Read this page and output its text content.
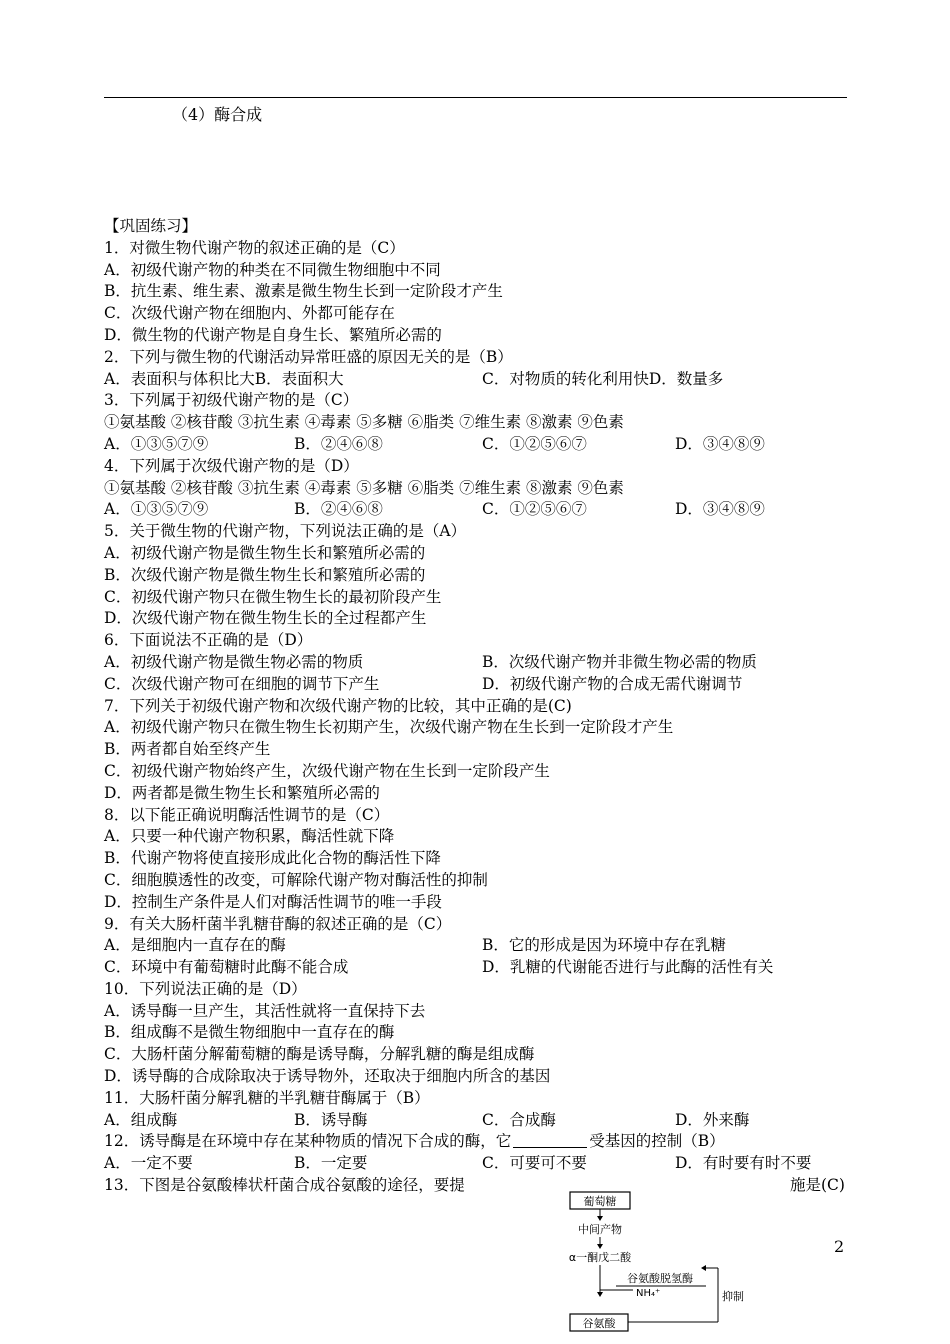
（4）酶合成
【巩固练习】
1．对微生物代谢产物的叙述正确的是（C）
A．初级代谢产物的种类在不同微生物细胞中不同
B．抗生素、维生素、激素是微生物生长到一定阶段才产生
C．次级代谢产物在细胞内、外都可能存在
D．微生物的代谢产物是自身生长、繁殖所必需的
2．下列与微生物的代谢活动异常旺盛的原因无关的是（B）
A．表面积与体积比大B．表面积大	C．对物质的转化利用快D．数量多
3．下列属于初级代谢产物的是（C）
①氨基酸 ②核苷酸 ③抗生素 ④毒素 ⑤多糖 ⑥脂类 ⑦维生素 ⑧激素 ⑨色素
A．①③⑤⑦⑨	B．②④⑥⑧	C．①②⑤⑥⑦	D．③④⑧⑨
4．下列属于次级代谢产物的是（D）
①氨基酸 ②核苷酸 ③抗生素 ④毒素 ⑤多糖 ⑥脂类 ⑦维生素 ⑧激素 ⑨色素
A．①③⑤⑦⑨	B．②④⑥⑧	C．①②⑤⑥⑦	D．③④⑧⑨
5．关于微生物的代谢产物，下列说法正确的是（A）
A．初级代谢产物是微生物生长和繁殖所必需的
B．次级代谢产物是微生物生长和繁殖所必需的
C．初级代谢产物只在微生物生长的最初阶段产生
D．次级代谢产物在微生物生长的全过程都产生
6．下面说法不正确的是（D）
A．初级代谢产物是微生物必需的物质	B．次级代谢产物并非微生物必需的物质
C．次级代谢产物可在细胞的调节下产生	D．初级代谢产物的合成无需代谢调节
7．下列关于初级代谢产物和次级代谢产物的比较，其中正确的是(C)
A．初级代谢产物只在微生物生长初期产生，次级代谢产物在生长到一定阶段才产生
B．两者都自始至终产生
C．初级代谢产物始终产生，次级代谢产物在生长到一定阶段产生
D．两者都是微生物生长和繁殖所必需的
8．以下能正确说明酶活性调节的是（C）
A．只要一种代谢产物积累，酶活性就下降
B．代谢产物将使直接形成此化合物的酶活性下降
C．细胞膜透性的改变，可解除代谢产物对酶活性的抑制
D．控制生产条件是人们对酶活性调节的唯一手段
9．有关大肠杆菌半乳糖苷酶的叙述正确的是（C）
A．是细胞内一直存在的酶	B．它的形成是因为环境中存在乳糖
C．环境中有葡萄糖时此酶不能合成	D．乳糖的代谢能否进行与此酶的活性有关
10．下列说法正确的是（D）
A．诱导酶一旦产生，其活性就将一直保持下去
B．组成酶不是微生物细胞中一直存在的酶
C．大肠杆菌分解葡萄糖的酶是诱导酶，分解乳糖的酶是组成酶
D．诱导酶的合成除取决于诱导物外，还取决于细胞内所含的基因
11．大肠杆菌分解乳糖的半乳糖苷酶属于（B）
A．组成酶	B．诱导酶	C．合成酶	D．外来酶
12．诱导酶是在环境中存在某种物质的情况下合成的酶，它	受基因的控制（B）
A．一定不要	B．一定要	C．可要可不要	D．有时要有时不要
13．下图是谷氨酸棒状杆菌合成谷氨酸的途径，要提	施是(C)
葡萄糖
中间产物
α一酮戊二酸
谷氨酸脱氢酶
NH₄⁺	抑制
谷氨酸
2
